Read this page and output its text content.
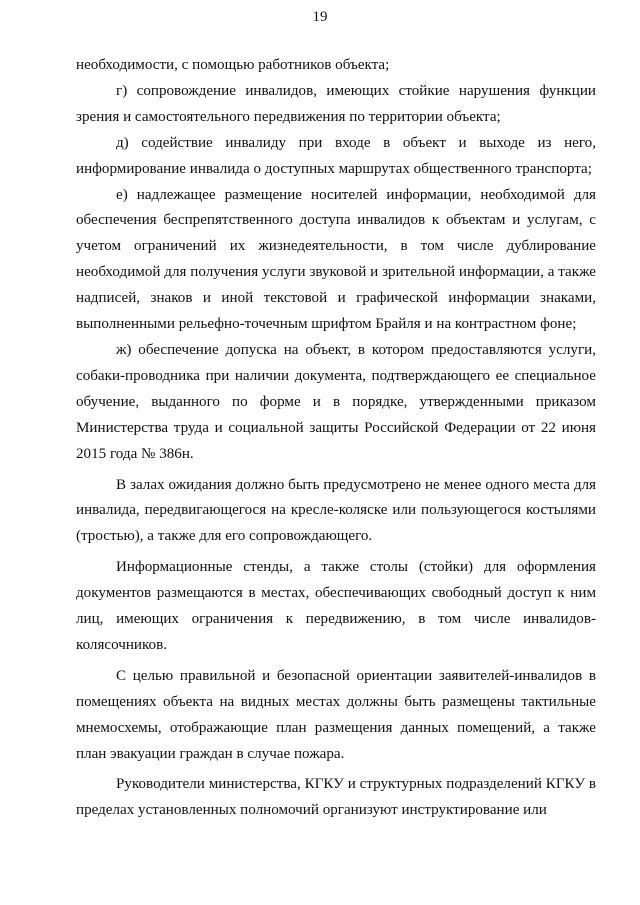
19

необходимости, с помощью работников объекта;

г) сопровождение инвалидов, имеющих стойкие нарушения функции зрения и самостоятельного передвижения по территории объекта;

д) содействие инвалиду при входе в объект и выходе из него, информирование инвалида о доступных маршрутах общественного транспорта;

е) надлежащее размещение носителей информации, необходимой для обеспечения беспрепятственного доступа инвалидов к объектам и услугам, с учетом ограничений их жизнедеятельности, в том числе дублирование необходимой для получения услуги звуковой и зрительной информации, а также надписей, знаков и иной текстовой и графической информации знаками, выполненными рельефно-точечным шрифтом Брайля и на контрастном фоне;

ж) обеспечение допуска на объект, в котором предоставляются услуги, собаки-проводника при наличии документа, подтверждающего ее специальное обучение, выданного по форме и в порядке, утвержденными приказом Министерства труда и социальной защиты Российской Федерации от 22 июня 2015 года № 386н.

В залах ожидания должно быть предусмотрено не менее одного места для инвалида, передвигающегося на кресле-коляске или пользующегося костылями (тростью), а также для его сопровождающего.

Информационные стенды, а также столы (стойки) для оформления документов размещаются в местах, обеспечивающих свободный доступ к ним лиц, имеющих ограничения к передвижению, в том числе инвалидов-колясочников.

С целью правильной и безопасной ориентации заявителей-инвалидов в помещениях объекта на видных местах должны быть размещены тактильные мнемосхемы, отображающие план размещения данных помещений, а также план эвакуации граждан в случае пожара.

Руководители министерства, КГКУ и структурных подразделений КГКУ в пределах установленных полномочий организуют инструктирование или
